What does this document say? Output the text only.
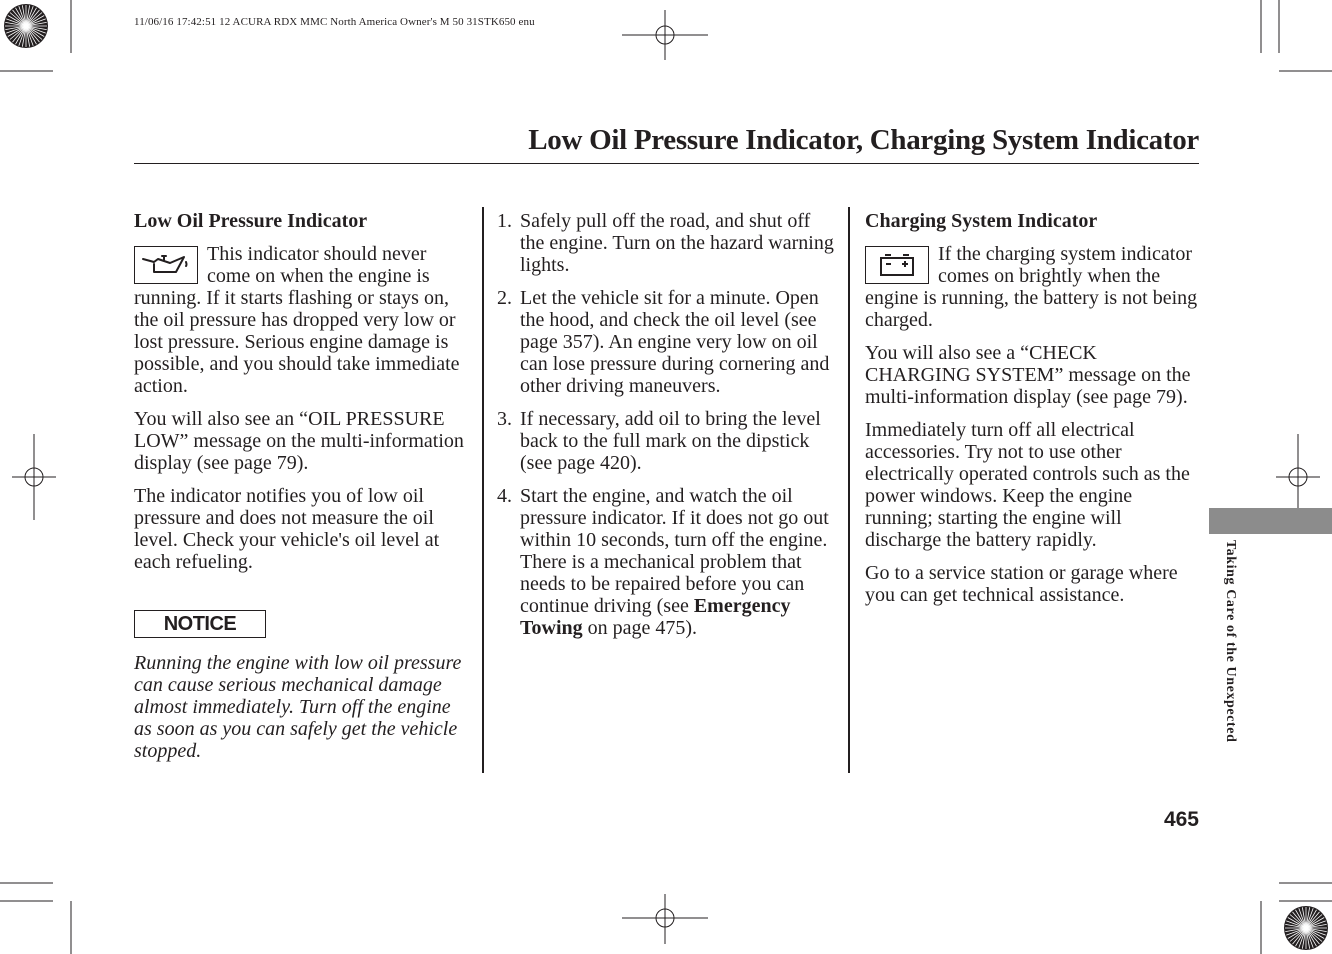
11/06/16 17:42:51 12 ACURA RDX MMC North America Owner's M 50 31STK650 enu
Low Oil Pressure Indicator, Charging System Indicator

Low Oil Pressure Indicator

This indicator should never come on when the engine is running. If it starts flashing or stays on, the oil pressure has dropped very low or lost pressure. Serious engine damage is possible, and you should take immediate action.

You will also see an “OIL PRESSURE LOW” message on the multi-information display (see page 79).

The indicator notifies you of low oil pressure and does not measure the oil level. Check your vehicle's oil level at each refueling.

NOTICE

Running the engine with low oil pressure can cause serious mechanical damage almost immediately. Turn off the engine as soon as you can safely get the vehicle stopped.

1. Safely pull off the road, and shut off the engine. Turn on the hazard warning lights.
2. Let the vehicle sit for a minute. Open the hood, and check the oil level (see page 357). An engine very low on oil can lose pressure during cornering and other driving maneuvers.
3. If necessary, add oil to bring the level back to the full mark on the dipstick (see page 420).
4. Start the engine, and watch the oil pressure indicator. If it does not go out within 10 seconds, turn off the engine. There is a mechanical problem that needs to be repaired before you can continue driving (see Emergency Towing on page 475).

Charging System Indicator

If the charging system indicator comes on brightly when the engine is running, the battery is not being charged.

You will also see a “CHECK CHARGING SYSTEM” message on the multi-information display (see page 79).

Immediately turn off all electrical accessories. Try not to use other electrically operated controls such as the power windows. Keep the engine running; starting the engine will discharge the battery rapidly.

Go to a service station or garage where you can get technical assistance.	Taking Care of the Unexpected
465
